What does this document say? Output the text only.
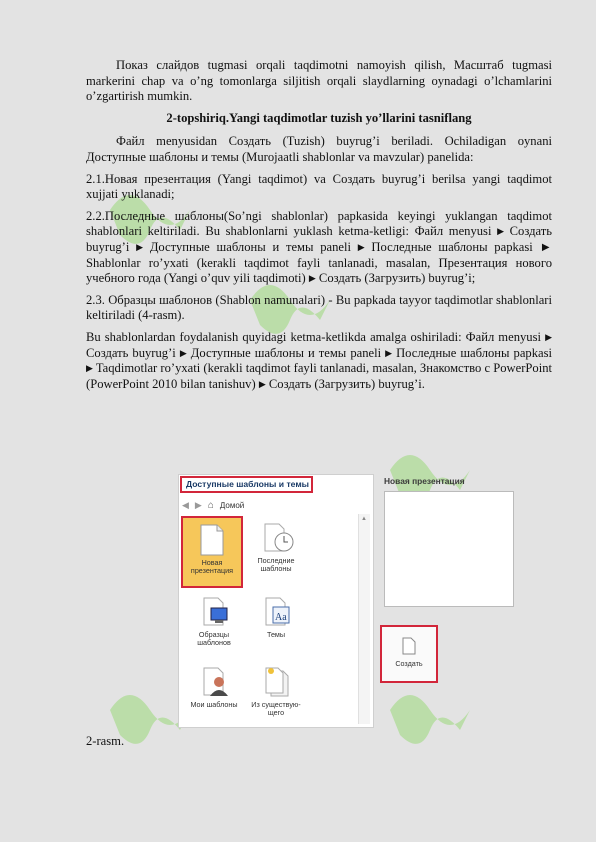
Показ слайдов tugmasi orqali taqdimotni namoyish qilish, Масштаб tugmasi markerini chap va o’ng tomonlarga siljitish orqali slaydlarning oynadagi o’lchamlarini o’zgartirish mumkin.

2-topshiriq.Yangi taqdimotlar tuzish yo’llarini tasniflang

Файл menyusidan Создать (Tuzish) buyrug’i beriladi. Ochiladigan oynani Доступные шаблоны и темы (Murojaatli shablonlar va mavzular) panelida:

2.1.Новая презентация (Yangi taqdimot) va Создать buyrug’i berilsa yangi taqdimot xujjati yuklanadi;

2.2.Последные шаблоны(So’ngi shablonlar) papkasida keyingi yuklangan taqdimot shablonlari keltiriladi. Bu shablonlarni yuklash ketma-ketligi: Файл menyusi ▶ Создать buyrug’i ▶ Доступные шаблоны и темы paneli ▶ Последные шаблоны papkasi ► Shablonlar ro’yxati (kerakli taqdimot fayli tanlanadi, masalan, Презентация нового учебного года (Yangi o’quv yili taqdimoti) ▶ Создать (Загрузить) buyrug’i;

2.3. Образцы шаблонов (Shablon namunalari) - Bu papkada tayyor taqdimotlar shablonlari keltiriladi (4-rasm).

Bu shablonlardan foydalanish quyidagi ketma-ketlikda amalga oshiriladi: Файл menyusi ▶ Создать buyrug’i ▶ Доступные шаблоны и темы paneli ▶ Последные шаблоны papkasi ▶ Taqdimotlar ro’yxati (kerakli taqdimot fayli tanlanadi, masalan, Знакомство с PowerPoint (PowerPoint 2010 bilan tanishuv) ▶ Создать (Загрузить) buyrug’i.

Доступные шаблоны и темы
◀ ▶ ⌂ Домой
▲
Новая презентация
Последние шаблоны
Образцы шаблонов
Aa
Темы
Мои шаблоны	Из существую-щего
Новая презентация
Создать
2-rasm.
